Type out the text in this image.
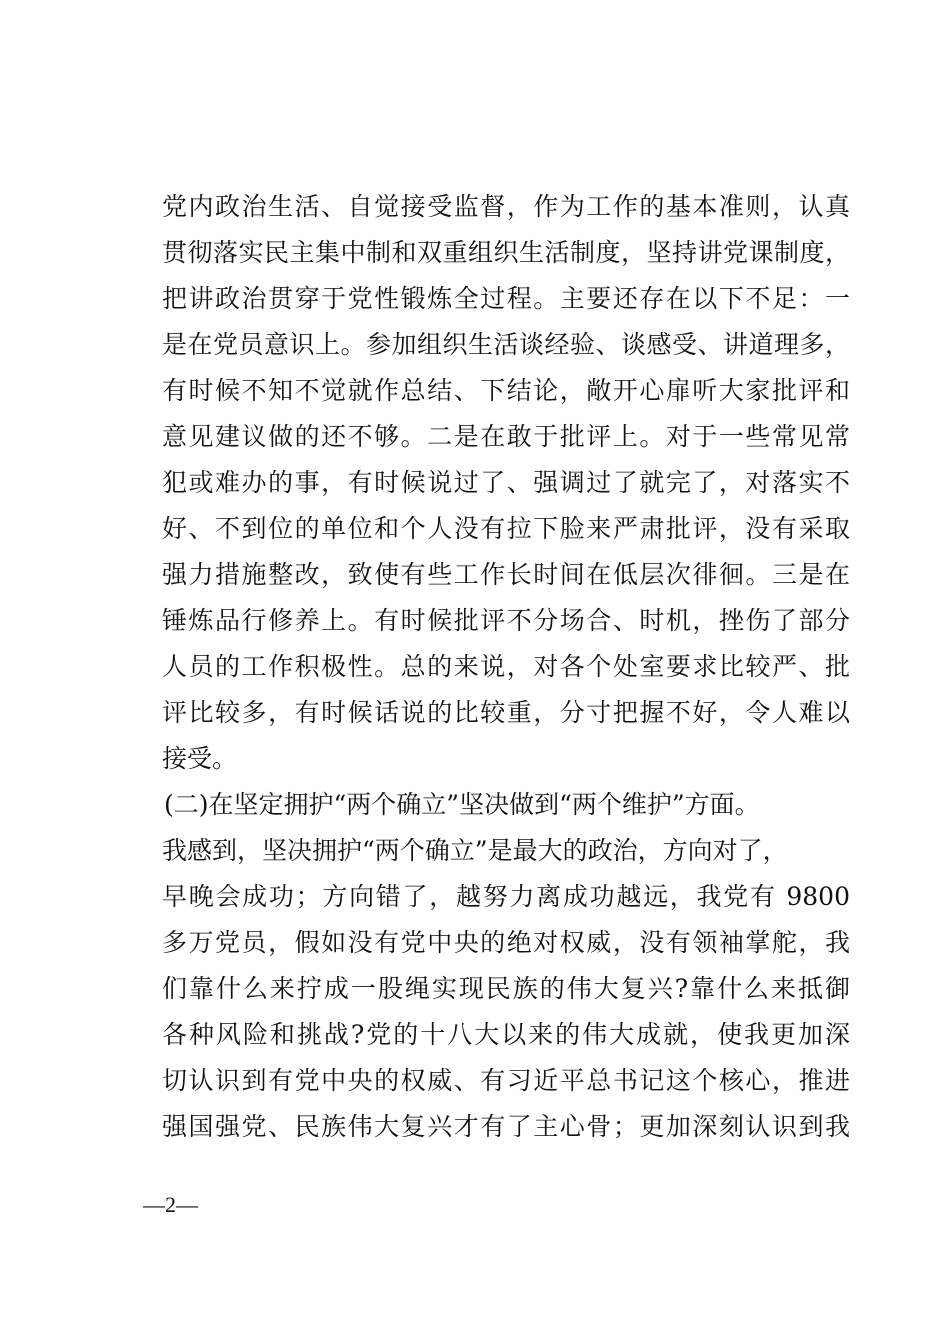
党内政治生活、自觉接受监督，作为工作的基本准则，认真
贯彻落实民主集中制和双重组织生活制度，坚持讲党课制度，
把讲政治贯穿于党性锻炼全过程。主要还存在以下不足：一
是在党员意识上。参加组织生活谈经验、谈感受、讲道理多，
有时候不知不觉就作总结、下结论，敞开心扉听大家批评和
意见建议做的还不够。二是在敢于批评上。对于一些常见常
犯或难办的事，有时候说过了、强调过了就完了，对落实不
好、不到位的单位和个人没有拉下脸来严肃批评，没有采取
强力措施整改，致使有些工作长时间在低层次徘徊。三是在
锤炼品行修养上。有时候批评不分场合、时机，挫伤了部分
人员的工作积极性。总的来说，对各个处室要求比较严、批
评比较多，有时候话说的比较重，分寸把握不好，令人难以
接受。
(二)在坚定拥护“两个确立”坚决做到“两个维护”方面。
我感到，坚决拥护“两个确立”是最大的政治，方向对了，
早晚会成功；方向错了，越努力离成功越远，我党有 9800
多万党员，假如没有党中央的绝对权威，没有领袖掌舵，我
们靠什么来拧成一股绳实现民族的伟大复兴?靠什么来抵御
各种风险和挑战?党的十八大以来的伟大成就，使我更加深
切认识到有党中央的权威、有习近平总书记这个核心，推进
强国强党、民族伟大复兴才有了主心骨；更加深刻认识到我
—2—
